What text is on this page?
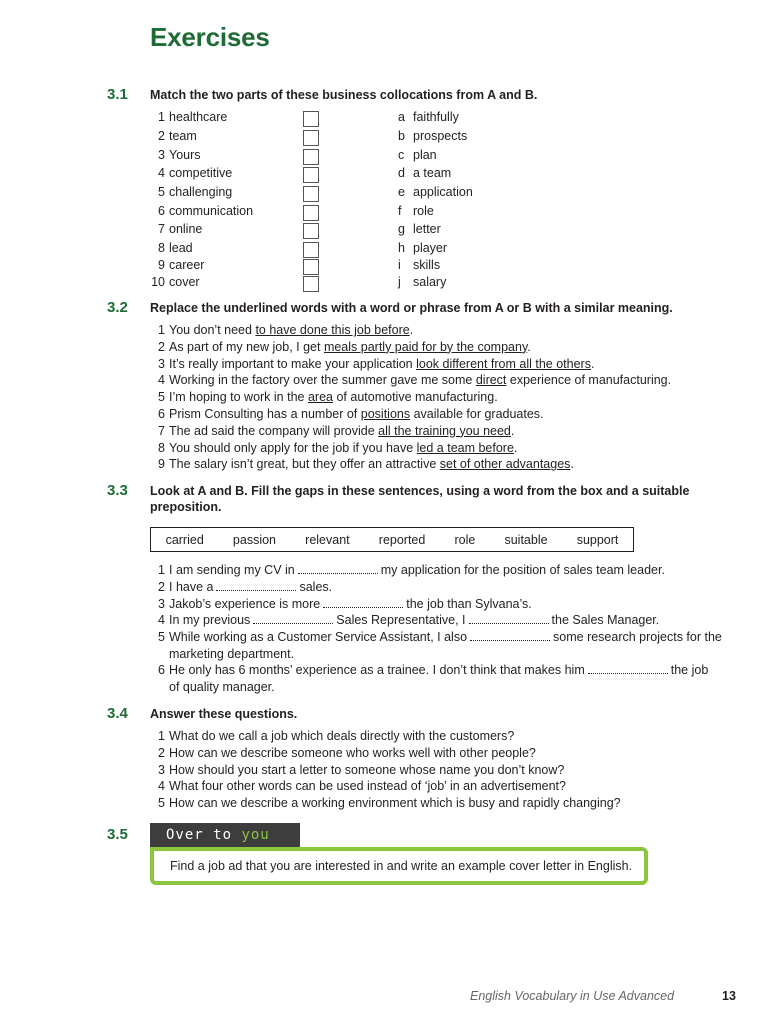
Exercises
3.1 Match the two parts of these business collocations from A and B.
1 healthcare	a faithfully
2 team	b prospects
3 Yours	c plan
4 competitive	d a team
5 challenging	e application
6 communication	f role
7 online	g letter
8 lead	h player
9 career	i skills
10 cover	j salary
3.2 Replace the underlined words with a word or phrase from A or B with a similar meaning.
1 You don’t need to have done this job before.
2 As part of my new job, I get meals partly paid for by the company.
3 It’s really important to make your application look different from all the others.
4 Working in the factory over the summer gave me some direct experience of manufacturing.
5 I’m hoping to work in the area of automotive manufacturing.
6 Prism Consulting has a number of positions available for graduates.
7 The ad said the company will provide all the training you need.
8 You should only apply for the job if you have led a team before.
9 The salary isn’t great, but they offer an attractive set of other advantages.
3.3 Look at A and B. Fill the gaps in these sentences, using a word from the box and a suitable preposition.
carried passion relevant reported role suitable support
1 I am sending my CV in	my application for the position of sales team leader.
2 I have a	sales.
3 Jakob’s experience is more	the job than Sylvana’s.
4 In my previous	Sales Representative, I	the Sales Manager.
5 While working as a Customer Service Assistant, I also	some research projects for the
marketing department.
6 He only has 6 months’ experience as a trainee. I don’t think that makes him	the job
of quality manager.
3.4 Answer these questions.
1 What do we call a job which deals directly with the customers?
2 How can we describe someone who works well with other people?
3 How should you start a letter to someone whose name you don’t know?
4 What four other words can be used instead of ‘job’ in an advertisement?
5 How can we describe a working environment which is busy and rapidly changing?
3.5	Over to you
Find a job ad that you are interested in and write an example cover letter in English.
English Vocabulary in Use Advanced	13
